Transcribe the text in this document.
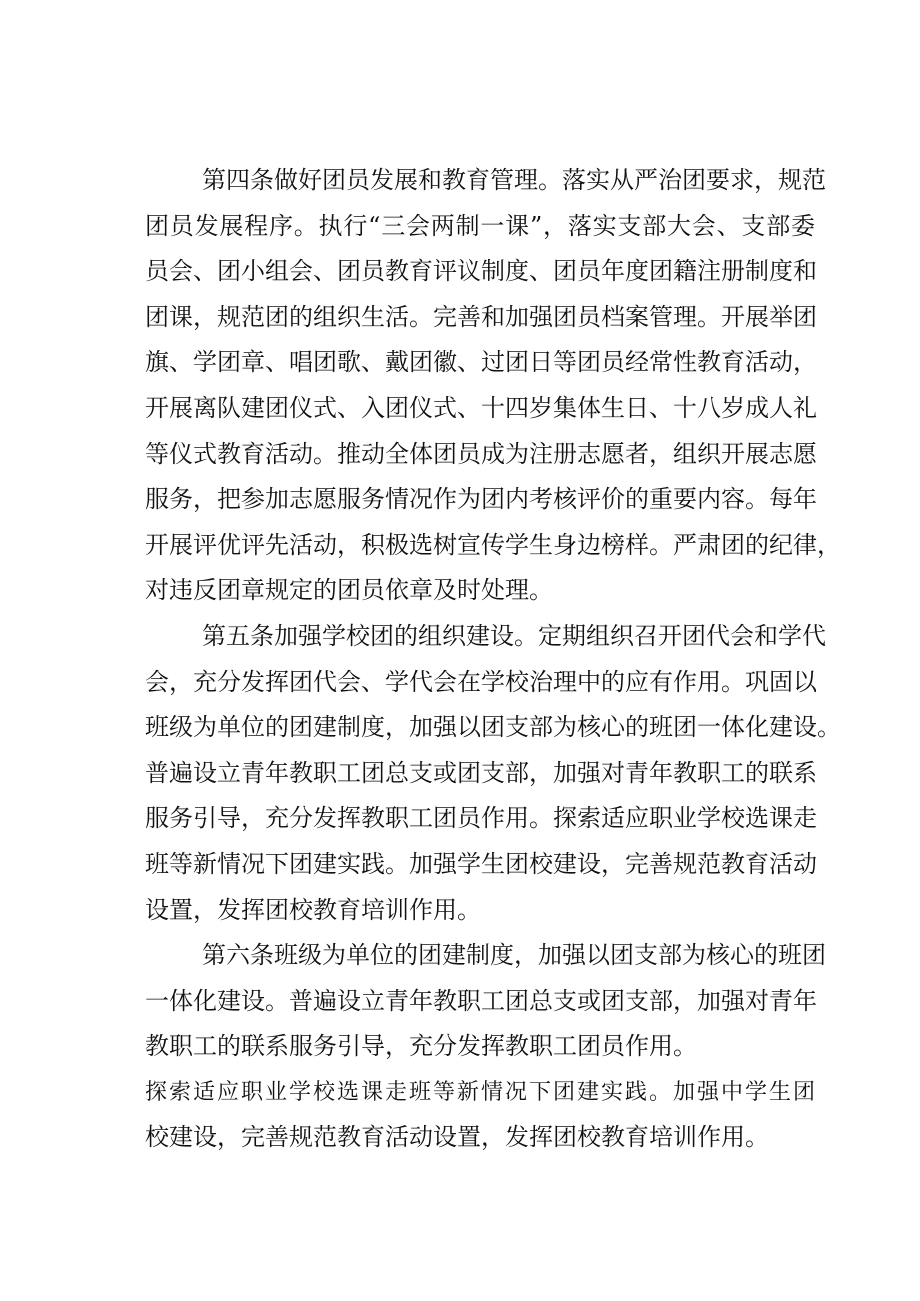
第四条做好团员发展和教育管理。落实从严治团要求，规范
团员发展程序。执行“三会两制一课”，落实支部大会、支部委
员会、团小组会、团员教育评议制度、团员年度团籍注册制度和
团课，规范团的组织生活。完善和加强团员档案管理。开展举团
旗、学团章、唱团歌、戴团徽、过团日等团员经常性教育活动，
开展离队建团仪式、入团仪式、十四岁集体生日、十八岁成人礼
等仪式教育活动。推动全体团员成为注册志愿者，组织开展志愿
服务，把参加志愿服务情况作为团内考核评价的重要内容。每年
开展评优评先活动，积极选树宣传学生身边榜样。严肃团的纪律，
对违反团章规定的团员依章及时处理。
第五条加强学校团的组织建设。定期组织召开团代会和学代
会，充分发挥团代会、学代会在学校治理中的应有作用。巩固以
班级为单位的团建制度，加强以团支部为核心的班团一体化建设。
普遍设立青年教职工团总支或团支部，加强对青年教职工的联系
服务引导，充分发挥教职工团员作用。探索适应职业学校选课走
班等新情况下团建实践。加强学生团校建设，完善规范教育活动
设置，发挥团校教育培训作用。
第六条班级为单位的团建制度，加强以团支部为核心的班团
一体化建设。普遍设立青年教职工团总支或团支部，加强对青年
教职工的联系服务引导，充分发挥教职工团员作用。
探索适应职业学校选课走班等新情况下团建实践。加强中学生团
校建设，完善规范教育活动设置，发挥团校教育培训作用。
